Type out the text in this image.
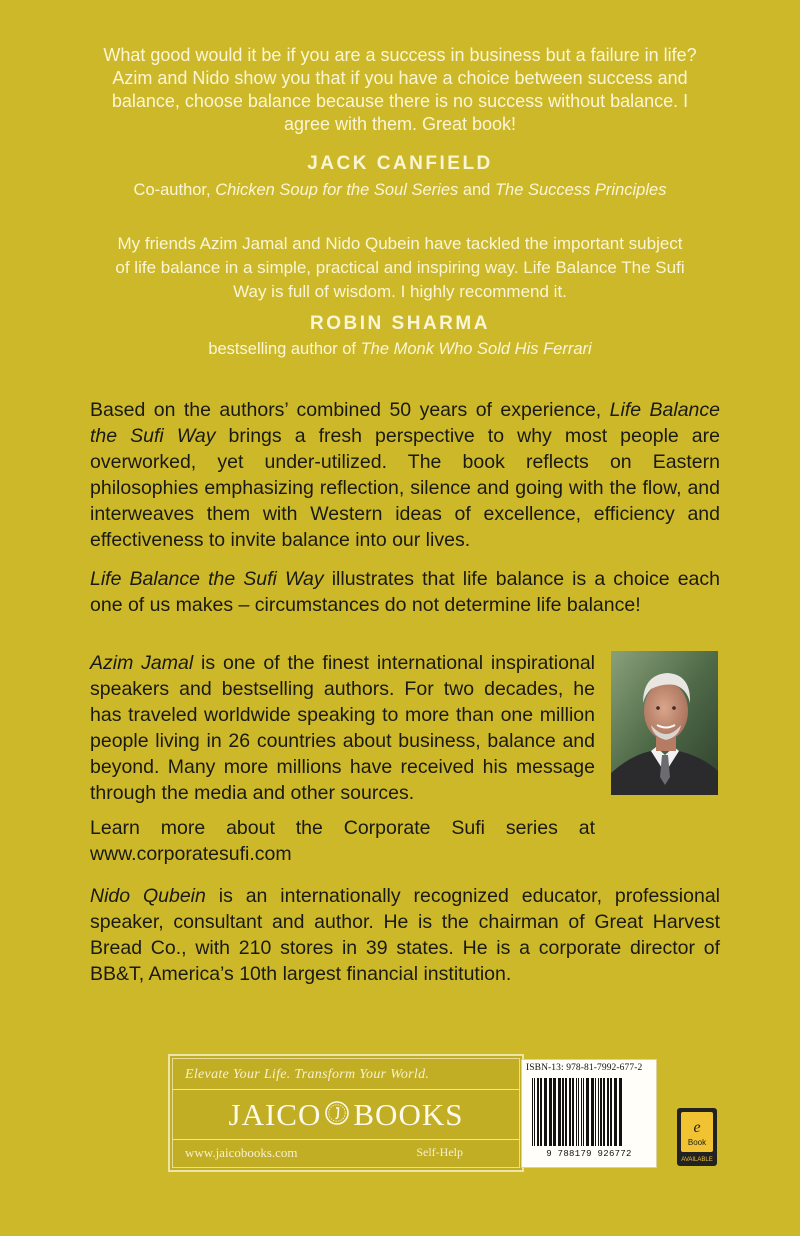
What good would it be if you are a success in business but a failure in life? Azim and Nido show you that if you have a choice between success and balance, choose balance because there is no success without balance. I agree with them. Great book!
JACK CANFIELD
Co-author, Chicken Soup for the Soul Series and The Success Principles
My friends Azim Jamal and Nido Qubein have tackled the important subject of life balance in a simple, practical and inspiring way. Life Balance The Sufi Way is full of wisdom. I highly recommend it.
ROBIN SHARMA
bestselling author of The Monk Who Sold His Ferrari
Based on the authors’ combined 50 years of experience, Life Balance the Sufi Way brings a fresh perspective to why most people are overworked, yet under-utilized. The book reflects on Eastern philosophies emphasizing reflection, silence and going with the flow, and interweaves them with Western ideas of excellence, efficiency and effectiveness to invite balance into our lives.
Life Balance the Sufi Way illustrates that life balance is a choice each one of us makes – circumstances do not determine life balance!
Azim Jamal is one of the finest international inspirational speakers and bestselling authors. For two decades, he has traveled worldwide speaking to more than one million people living in 26 countries about business, balance and beyond. Many more millions have received his message through the media and other sources.
Learn more about the Corporate Sufi series at www.corporatesufi.com
Nido Qubein is an internationally recognized educator, professional speaker, consultant and author. He is the chairman of Great Harvest Bread Co., with 210 stores in 39 states. He is a corporate director of BB&T, America’s 10th largest financial institution.
Elevate Your Life. Transform Your World.
JAICO BOOKS
www.jaicobooks.com	Self-Help
ISBN-13: 978-81-7992-677-2
9 788179 926772
e
Book
AVAILABLE
